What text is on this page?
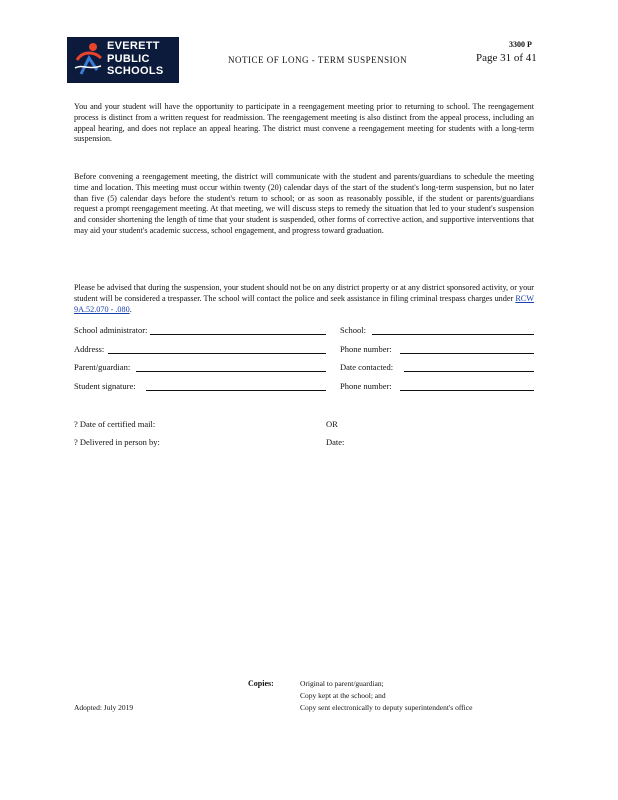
EVERETT
PUBLIC
SCHOOLS
NOTICE OF LONG - TERM SUSPENSION
3300 P
Page 31 of 41
You and your student will have the opportunity to participate in a reengagement meeting prior to returning to school. The reengagement process is distinct from a written request for readmission. The reengagement meeting is also distinct from the appeal process, including an appeal hearing, and does not replace an appeal hearing. The district must convene a reengagement meeting for students with a long-term suspension.
Before convening a reengagement meeting, the district will communicate with the student and parents/guardians to schedule the meeting time and location. This meeting must occur within twenty (20) calendar days of the start of the student's long-term suspension, but no later than five (5) calendar days before the student's return to school; or as soon as reasonably possible, if the student or parents/guardians request a prompt reengagement meeting. At that meeting, we will discuss steps to remedy the situation that led to your student's suspension and consider shortening the length of time that your student is suspended, other forms of corrective action, and supportive interventions that may aid your student's academic success, school engagement, and progress toward graduation.
Please be advised that during the suspension, your student should not be on any district property or at any district sponsored activity, or your student will be considered a trespasser. The school will contact the police and seek assistance in filing criminal trespass charges under RCW 9A.52.070 - .080.
School administrator:	School:
Address:	Phone number:
Parent/guardian:	Date contacted:
Student signature:	Phone number:
? Date of certified mail:	OR
? Delivered in person by:	Date:
Copies:	Original to parent/guardian;
Copy kept at the school; and
Copy sent electronically to deputy superintendent's office
Adopted: July 2019
